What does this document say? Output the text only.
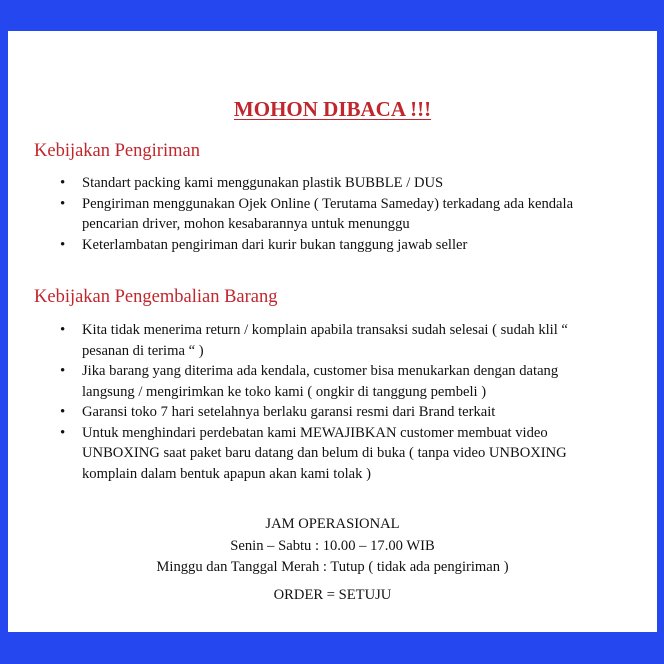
MOHON DIBACA !!!
Kebijakan Pengiriman
• Standart packing kami menggunakan plastik BUBBLE / DUS
• Pengiriman menggunakan Ojek Online ( Terutama Sameday) terkadang ada kendala pencarian driver, mohon kesabarannya untuk menunggu
• Keterlambatan pengiriman dari kurir bukan tanggung jawab seller
Kebijakan Pengembalian Barang
• Kita tidak menerima return / komplain apabila transaksi sudah selesai ( sudah klil “ pesanan di terima “ )
• Jika barang yang diterima ada kendala, customer bisa menukarkan dengan datang langsung / mengirimkan ke toko kami ( ongkir di tanggung pembeli )
• Garansi toko 7 hari setelahnya berlaku garansi resmi dari Brand terkait
• Untuk menghindari perdebatan kami MEWAJIBKAN customer membuat video UNBOXING saat paket baru datang dan belum di buka ( tanpa video UNBOXING komplain dalam bentuk apapun akan kami tolak )

JAM OPERASIONAL

Senin – Sabtu : 10.00 – 17.00 WIB

Minggu dan Tanggal Merah : Tutup ( tidak ada pengiriman )

ORDER = SETUJU
